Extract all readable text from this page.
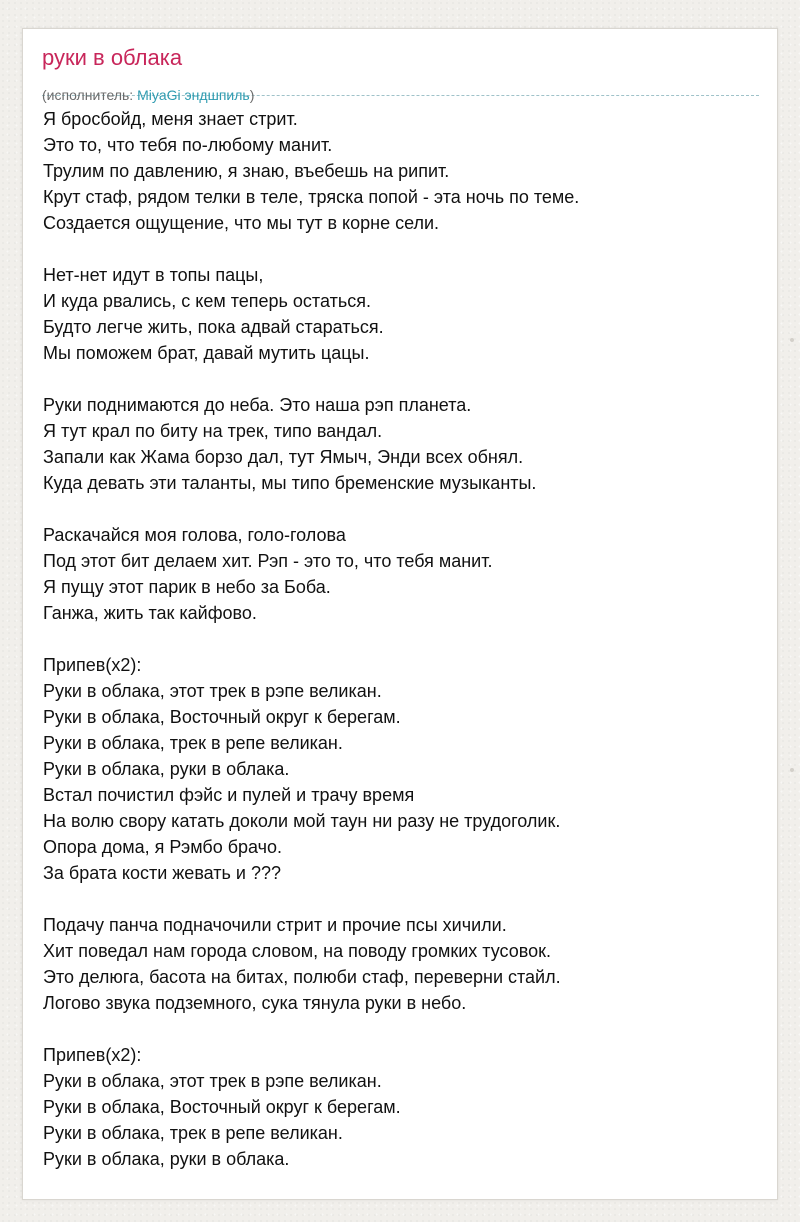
руки в облака
(исполнитель: MiyaGi эндшпиль)
Я бросбойд, меня знает стрит.
Это то, что тебя по-любому манит.
Трулим по давлению, я знаю, въебешь на рипит.
Крут стаф, рядом телки в теле, тряска попой - эта ночь по теме.
Создается ощущение, что мы тут в корне сели.
Нет-нет идут в топы пацы,
И куда рвались, с кем теперь остаться.
Будто легче жить, пока адвай стараться.
Мы поможем брат, давай мутить цацы.
Руки поднимаются до неба. Это наша рэп планета.
Я тут крал по биту на трек, типо вандал.
Запали как Жама борзо дал, тут Ямыч, Энди всех обнял.
Куда девать эти таланты, мы типо бременские музыканты.
Раскачайся моя голова, голо-голова
Под этот бит делаем хит. Рэп - это то, что тебя манит.
Я пущу этот парик в небо за Боба.
Ганжа, жить так кайфово.
Припев(x2):
Руки в облака, этот трек в рэпе великан.
Руки в облака, Восточный округ к берегам.
Руки в облака, трек в репе великан.
Руки в облака, руки в облака.
Встал почистил фэйс и пулей и трачу время
На волю свору катать доколи мой таун ни разу не трудоголик.
Опора дома, я Рэмбо брачо.
За брата кости жевать и ???
Подачу панча подначочили стрит и прочие псы хичили.
Хит поведал нам города словом, на поводу громких тусовок.
Это делюга, басота на битах, полюби стаф, переверни стайл.
Логово звука подземного, сука тянула руки в небо.
Припев(x2):
Руки в облака, этот трек в рэпе великан.
Руки в облака, Восточный округ к берегам.
Руки в облака, трек в репе великан.
Руки в облака, руки в облака.
